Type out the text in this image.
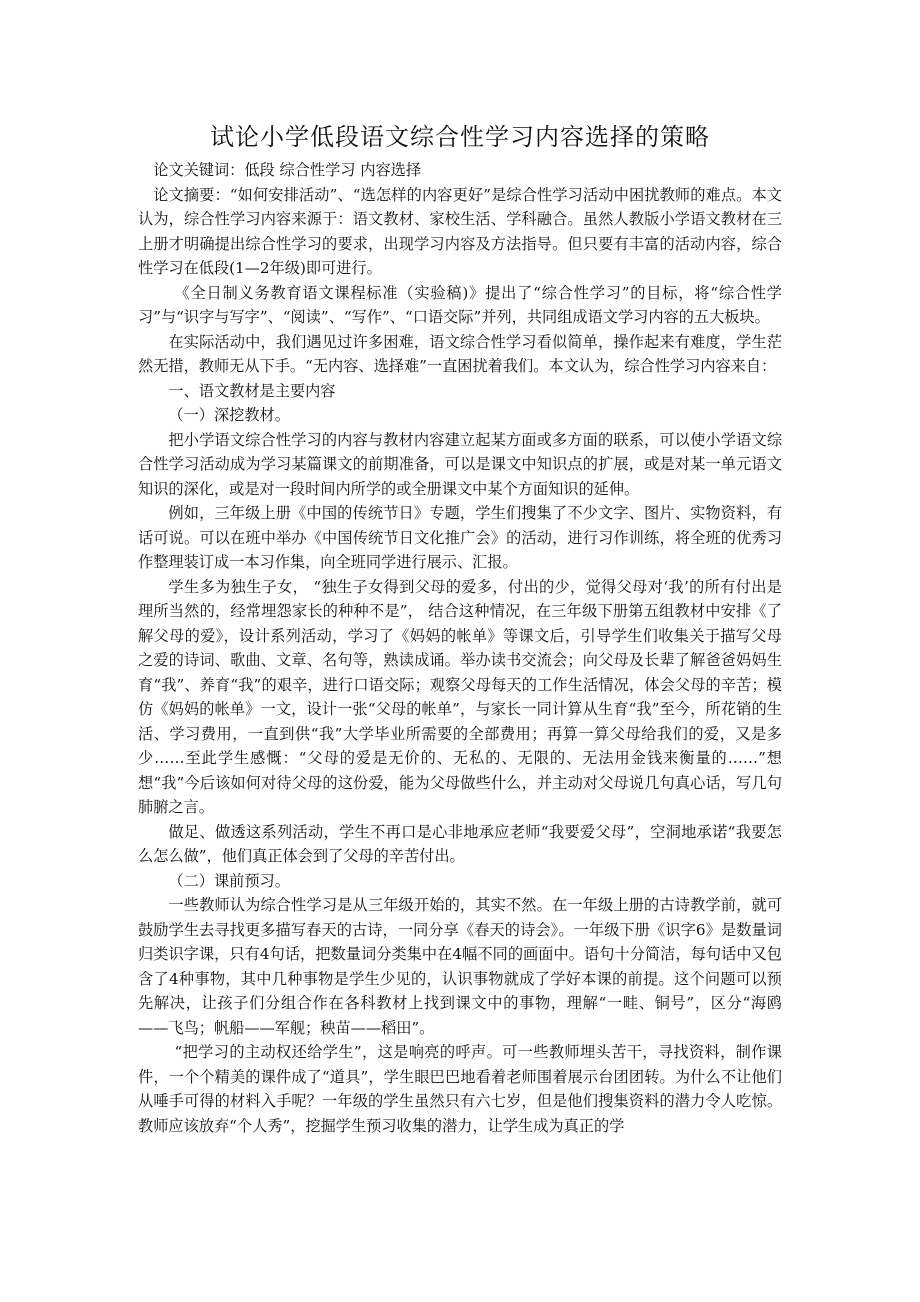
试论小学低段语文综合性学习内容选择的策略

论文关键词：低段 综合性学习 内容选择

论文摘要：“如何安排活动”、“选怎样的内容更好”是综合性学习活动中困扰教师的难点。本文认为，综合性学习内容来源于：语文教材、家校生活、学科融合。虽然人教版小学语文教材在三上册才明确提出综合性学习的要求，出现学习内容及方法指导。但只要有丰富的活动内容，综合性学习在低段(1—2年级)即可进行。

《全日制义务教育语文课程标准（实验稿)》提出了“综合性学习”的目标，将“综合性学习”与“识字与写字”、“阅读”、“写作”、“口语交际”并列，共同组成语文学习内容的五大板块。

在实际活动中，我们遇见过许多困难，语文综合性学习看似简单，操作起来有难度，学生茫然无措，教师无从下手。“无内容、选择难”一直困扰着我们。本文认为，综合性学习内容来自：

一、语文教材是主要内容

（一）深挖教材。

把小学语文综合性学习的内容与教材内容建立起某方面或多方面的联系，可以使小学语文综合性学习活动成为学习某篇课文的前期准备，可以是课文中知识点的扩展，或是对某一单元语文知识的深化，或是对一段时间内所学的或全册课文中某个方面知识的延伸。

例如，三年级上册《中国的传统节日》专题，学生们搜集了不少文字、图片、实物资料，有话可说。可以在班中举办《中国传统节日文化推广会》的活动，进行习作训练，将全班的优秀习作整理装订成一本习作集，向全班同学进行展示、汇报。

学生多为独生子女， “独生子女得到父母的爱多，付出的少，觉得父母对‘我’的所有付出是理所当然的，经常埋怨家长的种种不是”， 结合这种情况，在三年级下册第五组教材中安排《了解父母的爱》，设计系列活动，学习了《妈妈的帐单》等课文后，引导学生们收集关于描写父母之爱的诗词、歌曲、文章、名句等，熟读成诵。举办读书交流会；向父母及长辈了解爸爸妈妈生育“我”、养育“我”的艰辛，进行口语交际；观察父母每天的工作生活情况，体会父母的辛苦；模仿《妈妈的帐单》一文，设计一张“父母的帐单”，与家长一同计算从生育“我”至今，所花销的生活、学习费用，一直到供“我”大学毕业所需要的全部费用；再算一算父母给我们的爱，又是多少……至此学生感慨：“父母的爱是无价的、无私的、无限的、无法用金钱来衡量的……”想想“我”今后该如何对待父母的这份爱，能为父母做些什么，并主动对父母说几句真心话，写几句肺腑之言。

做足、做透这系列活动，学生不再口是心非地承应老师“我要爱父母”，空洞地承诺“我要怎么怎么做”，他们真正体会到了父母的辛苦付出。

（二）课前预习。

一些教师认为综合性学习是从三年级开始的，其实不然。在一年级上册的古诗教学前，就可鼓励学生去寻找更多描写春天的古诗，一同分享《春天的诗会》。一年级下册《识字6》是数量词归类识字课，只有4句话，把数量词分类集中在4幅不同的画面中。语句十分简洁，每句话中又包含了4种事物，其中几种事物是学生少见的，认识事物就成了学好本课的前提。这个问题可以预先解决，让孩子们分组合作在各科教材上找到课文中的事物，理解“一畦、铜号”，区分“海鸥——飞鸟；帆船——军舰；秧苗——稻田”。

“把学习的主动权还给学生”，这是响亮的呼声。可一些教师埋头苦干，寻找资料，制作课件，一个个精美的课件成了“道具”，学生眼巴巴地看着老师围着展示台团团转。为什么不让他们从唾手可得的材料入手呢？一年级的学生虽然只有六七岁，但是他们搜集资料的潜力令人吃惊。教师应该放弃“个人秀”，挖掘学生预习收集的潜力，让学生成为真正的学
